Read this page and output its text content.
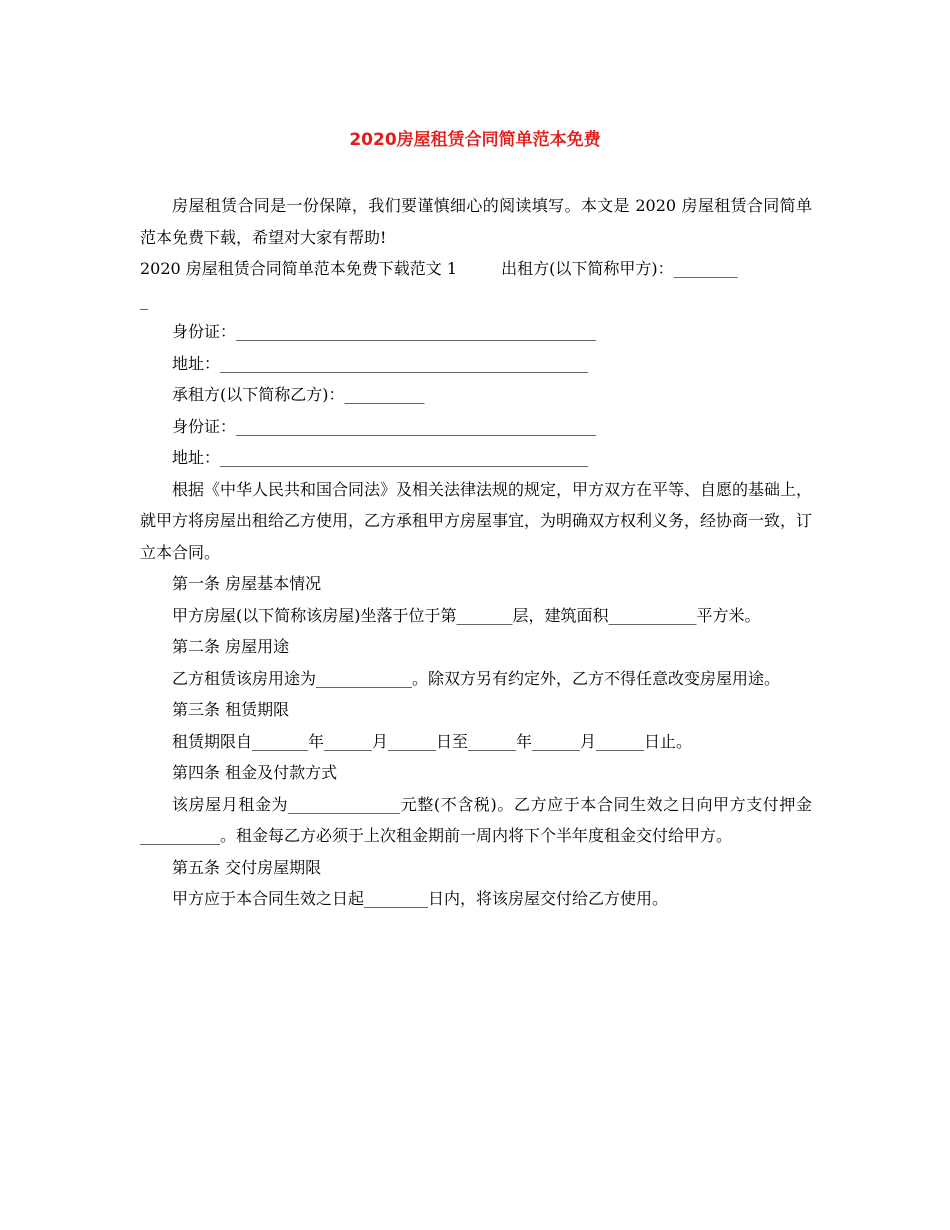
2020房屋租赁合同简单范本免费

房屋租赁合同是一份保障，我们要谨慎细心的阅读填写。本文是 2020 房屋租赁合同简单范本免费下载，希望对大家有帮助!

2020 房屋租赁合同简单范本免费下载范文 1	出租方(以下简称甲方)：________

_

身份证：_____________________________________________

地址：______________________________________________

承租方(以下简称乙方)：__________

身份证：_____________________________________________

地址：______________________________________________

根据《中华人民共和国合同法》及相关法律法规的规定，甲方双方在平等、自愿的基础上，就甲方将房屋出租给乙方使用，乙方承租甲方房屋事宜，为明确双方权利义务，经协商一致，订立本合同。

第一条 房屋基本情况

甲方房屋(以下简称该房屋)坐落于位于第_______层，建筑面积___________平方米。

第二条 房屋用途

乙方租赁该房用途为____________。除双方另有约定外，乙方不得任意改变房屋用途。

第三条 租赁期限

租赁期限自_______年______月______日至______年______月______日止。

第四条 租金及付款方式

该房屋月租金为______________元整(不含税)。乙方应于本合同生效之日向甲方支付押金__________。租金每乙方必须于上次租金期前一周内将下个半年度租金交付给甲方。

第五条 交付房屋期限

甲方应于本合同生效之日起________日内，将该房屋交付给乙方使用。
